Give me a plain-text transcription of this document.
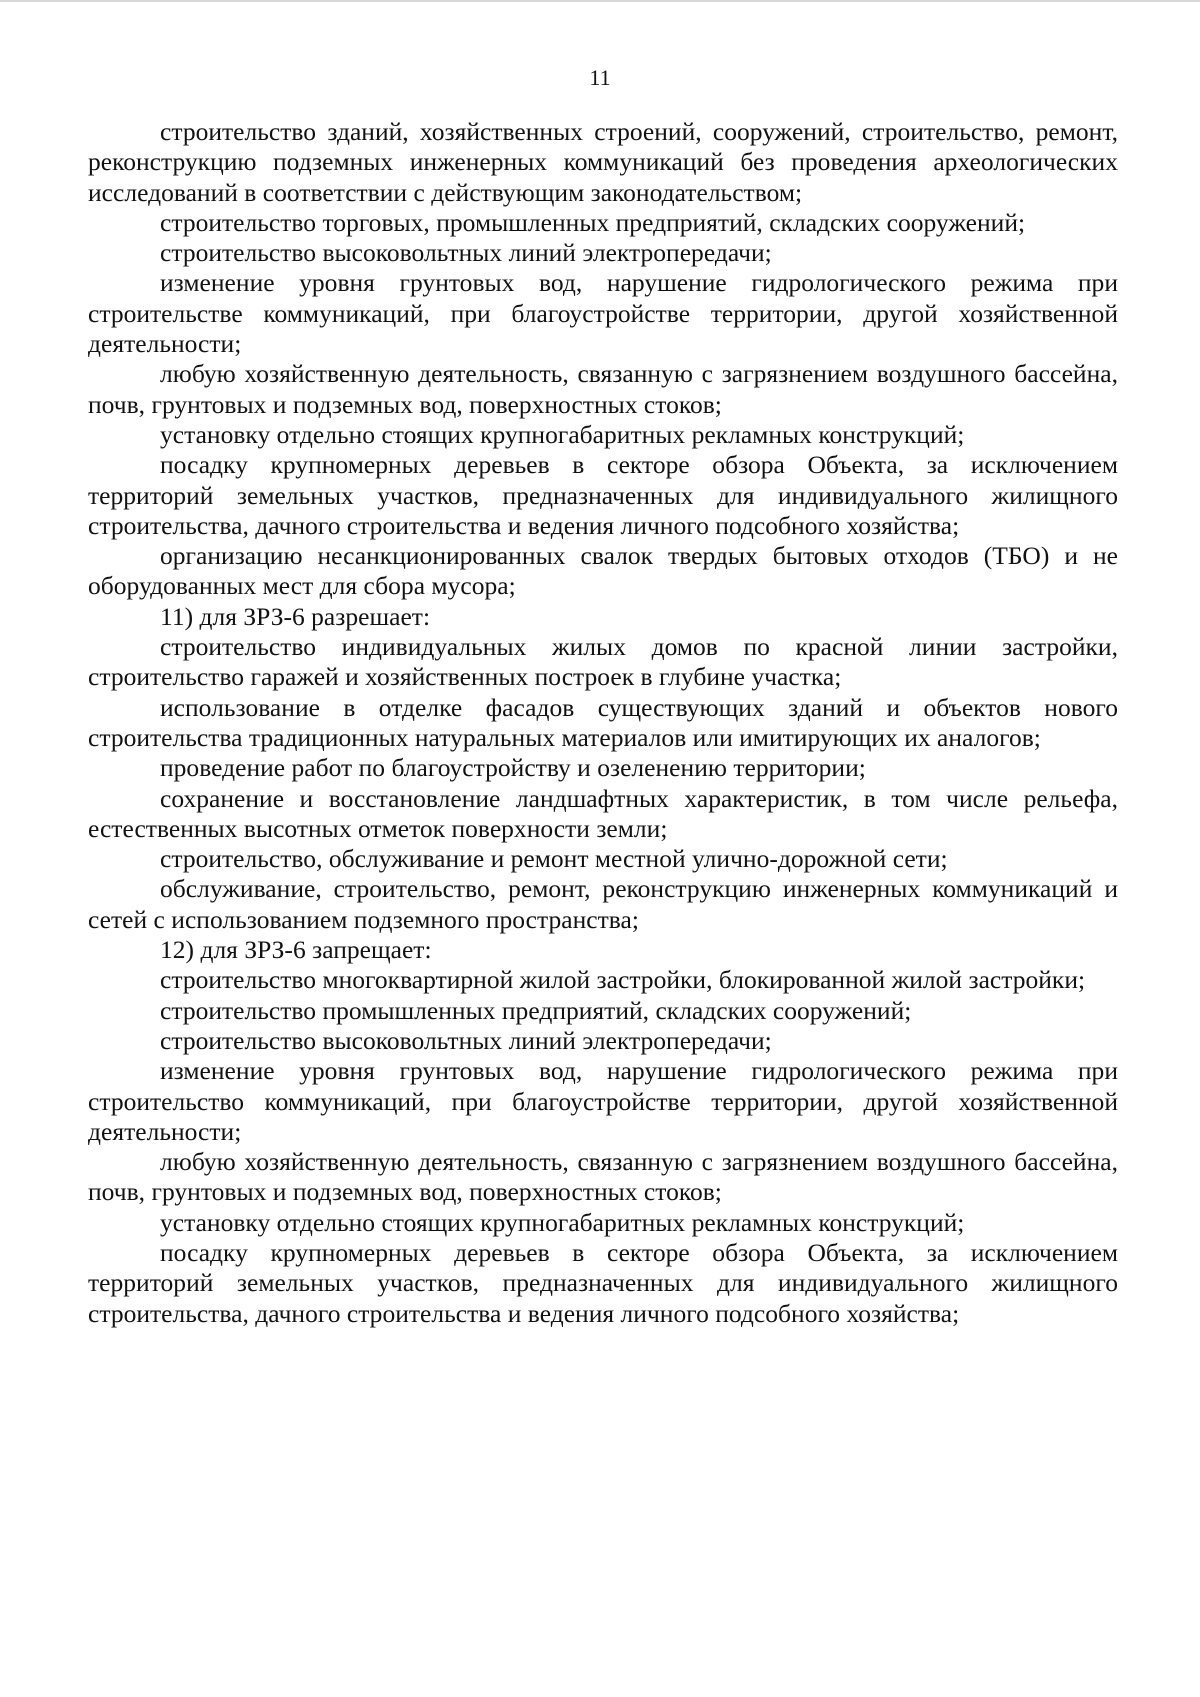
11

строительство зданий, хозяйственных строений, сооружений, строительство, ремонт, реконструкцию подземных инженерных коммуникаций без проведения археологических исследований в соответствии с действующим законодательством;

строительство торговых, промышленных предприятий, складских сооружений;

строительство высоковольтных линий электропередачи;

изменение уровня грунтовых вод, нарушение гидрологического режима при строительстве коммуникаций, при благоустройстве территории, другой хозяйственной деятельности;

любую хозяйственную деятельность, связанную с загрязнением воздушного бассейна, почв, грунтовых и подземных вод, поверхностных стоков;

установку отдельно стоящих крупногабаритных рекламных конструкций;

посадку крупномерных деревьев в секторе обзора Объекта, за исключением территорий земельных участков, предназначенных для индивидуального жилищного строительства, дачного строительства и ведения личного подсобного хозяйства;

организацию несанкционированных свалок твердых бытовых отходов (ТБО) и не оборудованных мест для сбора мусора;

11) для ЗРЗ-6 разрешает:

строительство индивидуальных жилых домов по красной линии застройки, строительство гаражей и хозяйственных построек в глубине участка;

использование в отделке фасадов существующих зданий и объектов нового строительства традиционных натуральных материалов или имитирующих их аналогов;

проведение работ по благоустройству и озеленению территории;

сохранение и восстановление ландшафтных характеристик, в том числе рельефа, естественных высотных отметок поверхности земли;

строительство, обслуживание и ремонт местной улично-дорожной сети;

обслуживание, строительство, ремонт, реконструкцию инженерных коммуникаций и сетей с использованием подземного пространства;

12) для ЗРЗ-6 запрещает:

строительство многоквартирной жилой застройки, блокированной жилой застройки;

строительство промышленных предприятий, складских сооружений;

строительство высоковольтных линий электропередачи;

изменение уровня грунтовых вод, нарушение гидрологического режима при строительство коммуникаций, при благоустройстве территории, другой хозяйственной деятельности;

любую хозяйственную деятельность, связанную с загрязнением воздушного бассейна, почв, грунтовых и подземных вод, поверхностных стоков;

установку отдельно стоящих крупногабаритных рекламных конструкций;

посадку крупномерных деревьев в секторе обзора Объекта, за исключением территорий земельных участков, предназначенных для индивидуального жилищного строительства, дачного строительства и ведения личного подсобного хозяйства;
